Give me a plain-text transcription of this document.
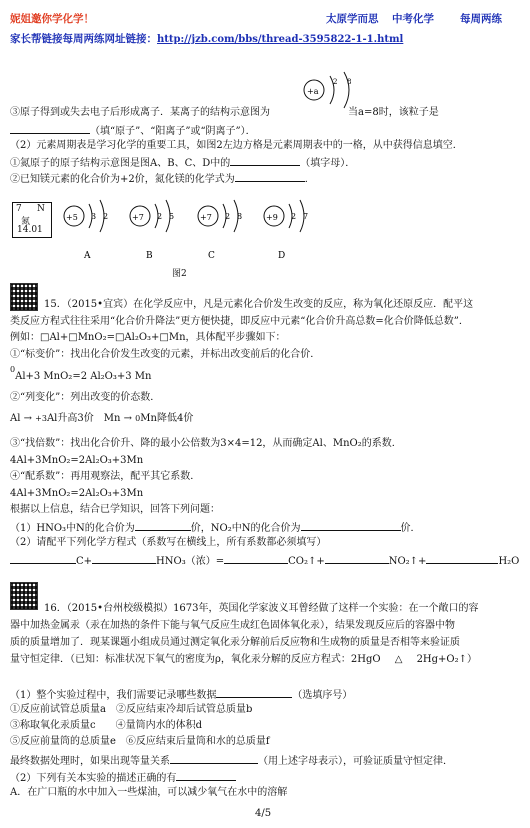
妮姐邀你学化学！	太原学而思 中考化学 每周两练
家长帮链接每周两练网址链接：http://jzb.com/bbs/thread-3595822-1-1.html
+a
2 8
③原子得到或失去电子后形成离子．某离子的结构示意图为	当a=8时，该粒子是
（填“原子”、“阳离子”或“阴离子”）．
（2）元素周期表是学习化学的重要工具，如图2左边方格是元素周期表中的一格，从中获得信息填空．
①氮原子的原子结构示意图是图A、B、C、D中的	（填字母）．
②已知镁元素的化合价为+2价，氮化镁的化学式为	．
7 N
氮
14.01
+5 3 2
A
+7 2 5
B
+7 2 8
C
+9 2 7
D
图2
15．（2015•宜宾）在化学反应中，凡是元素化合价发生改变的反应，称为氧化还原反应．配平这
类反应方程式往往采用“化合价升降法”更方便快捷，即反应中元素“化合价升高总数=化合价降低总数”．
例如：□Al+□MnO₂=□Al₂O₃+□Mn，具体配平步骤如下：
①“标变价”：找出化合价发生改变的元素，并标出改变前后的化合价．
$^0$Al+3 MnO₂=2 Al₂O₃+3 Mn
②“列变化”：列出改变的价态数．
Al → +3Al升高3价　Mn → 0Mn降低4价
③“找倍数”：找出化合价升、降的最小公倍数为3×4=12，从而确定Al、MnO₂的系数．
4Al+3MnO₂=2Al₂O₃+3Mn
④“配系数”：再用观察法，配平其它系数．
4Al+3MnO₂=2Al₂O₃+3Mn
根据以上信息，结合已学知识，回答下列问题：
（1）HNO₃中N的化合价为	价，NO₂中N的化合价为	价．
（2）请配平下列化学方程式（系数写在横线上，所有系数都必须填写）
C+	HNO₃（浓）=	CO₂↑+	NO₂↑+	H₂O
16．（2015•台州校级模拟）1673年，英国化学家波义耳曾经做了这样一个实验：在一个敞口的容
器中加热金属汞（汞在加热的条件下能与氧气反应生成红色固体氧化汞），结果发现反应后的容器中物
质的质量增加了．现某课题小组成员通过测定氧化汞分解前后反应物和生成物的质量是否相等来验证质
量守恒定律．（已知：标准状况下氧气的密度为ρ，氧化汞分解的反应方程式：2HgO △ 2Hg+O₂↑）
（1）整个实验过程中，我们需要记录哪些数据	（选填序号）
①反应前试管总质量a　②反应结束冷却后试管总质量b
③称取氧化汞质量c　　④量筒内水的体积d
⑤反应前量筒的总质量e　⑥反应结束后量筒和水的总质量f
最终数据处理时，如果出现等量关系	（用上述字母表示），可验证质量守恒定律．
（2）下列有关本实验的描述正确的有
A．在广口瓶的水中加入一些煤油，可以减少氧气在水中的溶解
4/5
